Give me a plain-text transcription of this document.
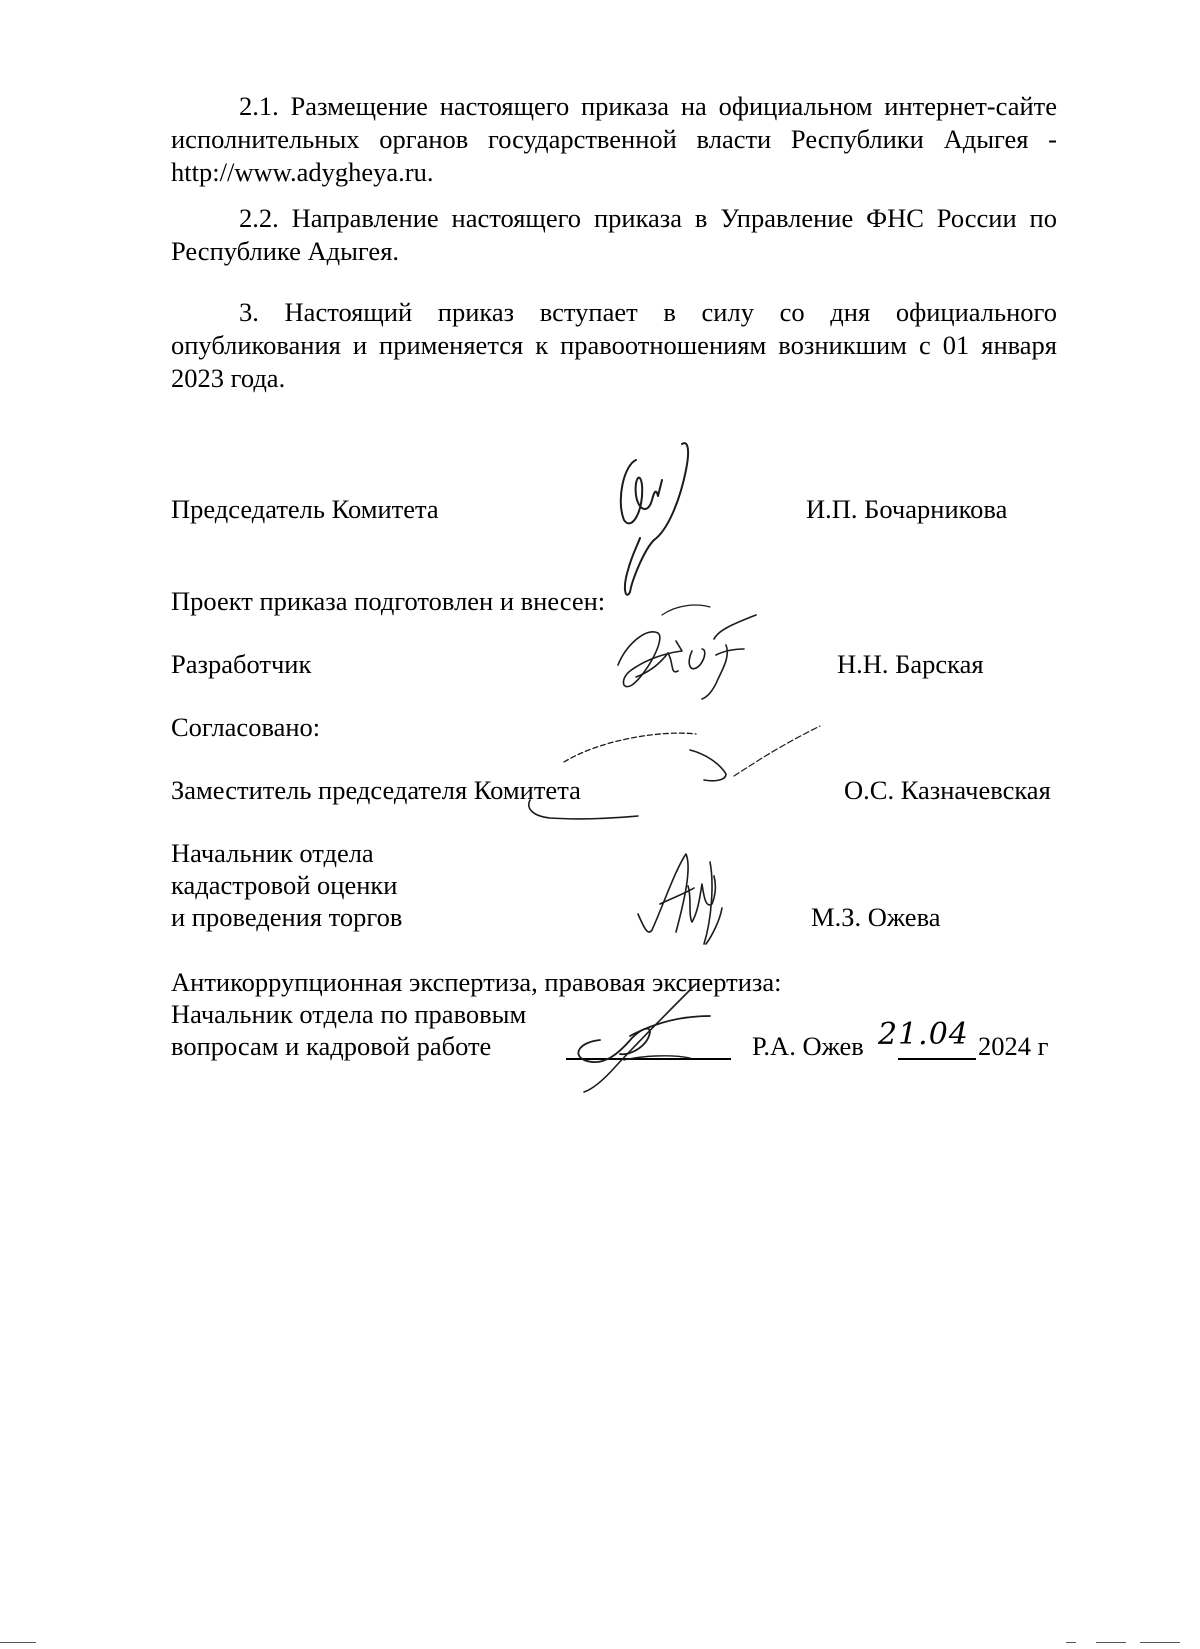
2.1. Размещение настоящего приказа на официальном интернет-сайте исполнительных органов государственной власти Республики Адыгея - http://www.adygheya.ru.
2.2. Направление настоящего приказа в Управление ФНС России по Республике Адыгея.
3. Настоящий приказ вступает в силу со дня официального опубликования и применяется к правоотношениям возникшим с 01 января 2023 года.
Председатель Комитета	И.П. Бочарникова
Проект приказа подготовлен и внесен:
Разработчик	Н.Н. Барская
Согласовано:
Заместитель председателя Комитета	О.С. Казначевская
Начальник отдела
кадастровой оценки
и проведения торгов	М.З. Ожева
Антикоррупционная экспертиза, правовая экспертиза:
Начальник отдела по правовым
вопросам и кадровой работе	Р.А. Ожев 21.04 2024 г
